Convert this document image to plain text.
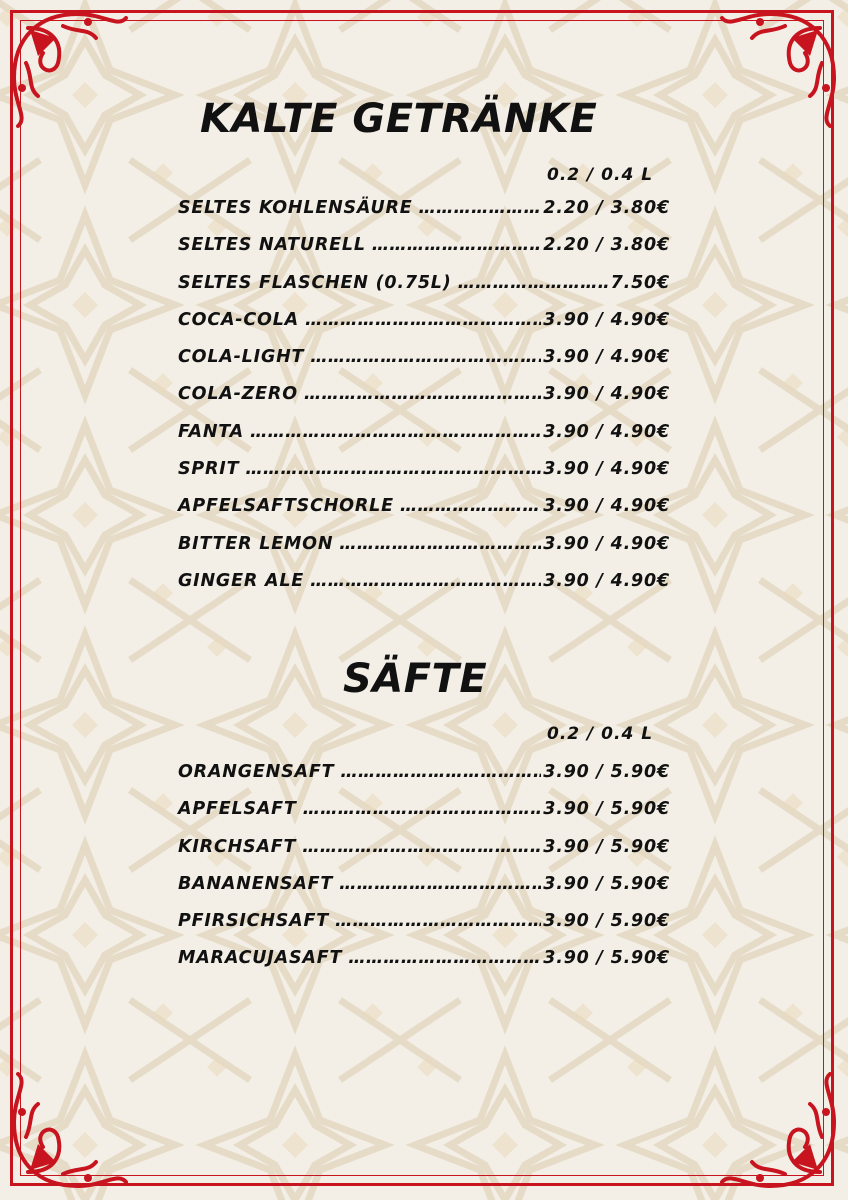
KALTE GETRÄNKE
0.2 / 0.4 L
SELTES KOHLENSÄURE …………………………………………………………………………………………	2.20 / 3.80€
SELTES NATURELL …………………………………………………………………………………………	2.20 / 3.80€
SELTES FLASCHEN (0.75L) …………………………………………………………………………………………	7.50€
COCA-COLA …………………………………………………………………………………………	3.90 / 4.90€
COLA-LIGHT …………………………………………………………………………………………	3.90 / 4.90€
COLA-ZERO …………………………………………………………………………………………	3.90 / 4.90€
FANTA …………………………………………………………………………………………	3.90 / 4.90€
SPRIT …………………………………………………………………………………………	3.90 / 4.90€
APFELSAFTSCHORLE …………………………………………………………………………………………	3.90 / 4.90€
BITTER LEMON …………………………………………………………………………………………	3.90 / 4.90€
GINGER ALE …………………………………………………………………………………………	3.90 / 4.90€
SÄFTE
0.2 / 0.4 L
ORANGENSAFT …………………………………………………………………………………………	3.90 / 5.90€
APFELSAFT …………………………………………………………………………………………	3.90 / 5.90€
KIRCHSAFT …………………………………………………………………………………………	3.90 / 5.90€
BANANENSAFT …………………………………………………………………………………………	3.90 / 5.90€
PFIRSICHSAFT …………………………………………………………………………………………	3.90 / 5.90€
MARACUJASAFT …………………………………………………………………………………………	3.90 / 5.90€
